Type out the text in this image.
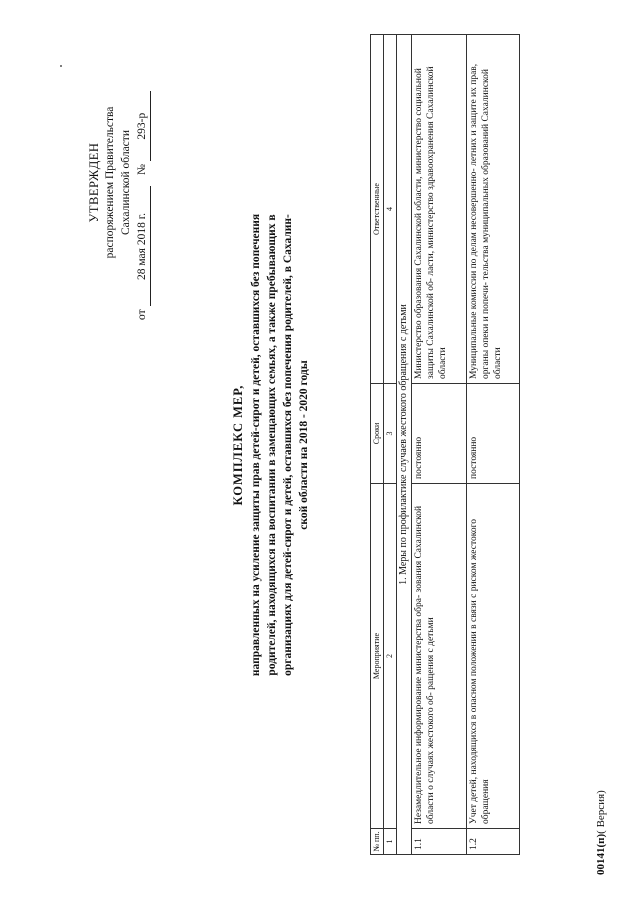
УТВЕРЖДЕН распоряжением Правительства Сахалинской области
от 28 мая 2018 г.    № 293-р
КОМПЛЕКС МЕР, направленных на усиление защиты прав детей-сирот и детей, оставшихся без попечения родителей, находящихся на воспитании в замещающих семьях, а также пребывающих в организациях для детей-сирот и детей, оставшихся без попечения родителей, в Сахалин- ской области на 2018 - 2020 годы
№ пп.	Мероприятие	Сроки	Ответственные
1	2	3	4
1. Меры по профилактике случаев жестокого обращения с детьми			
1.1	Незамедлительное информирование министерства обра- зования Сахалинской области о случаях жестокого об- ращения с детьми	постоянно	Министерство образования Сахалинской области, министерство социальной защиты Сахалинской об- ласти, министерство здравоохранения Сахалинской области
1.2	Учет детей, находящихся в опасном положении в связи с риском жестокого обращения	постоянно	Муниципальные комиссии по делам несовершенно- летних и защите их прав, органы опеки и попечи- тельства муниципальных образований Сахалинской области
00141(п)( Версия)
